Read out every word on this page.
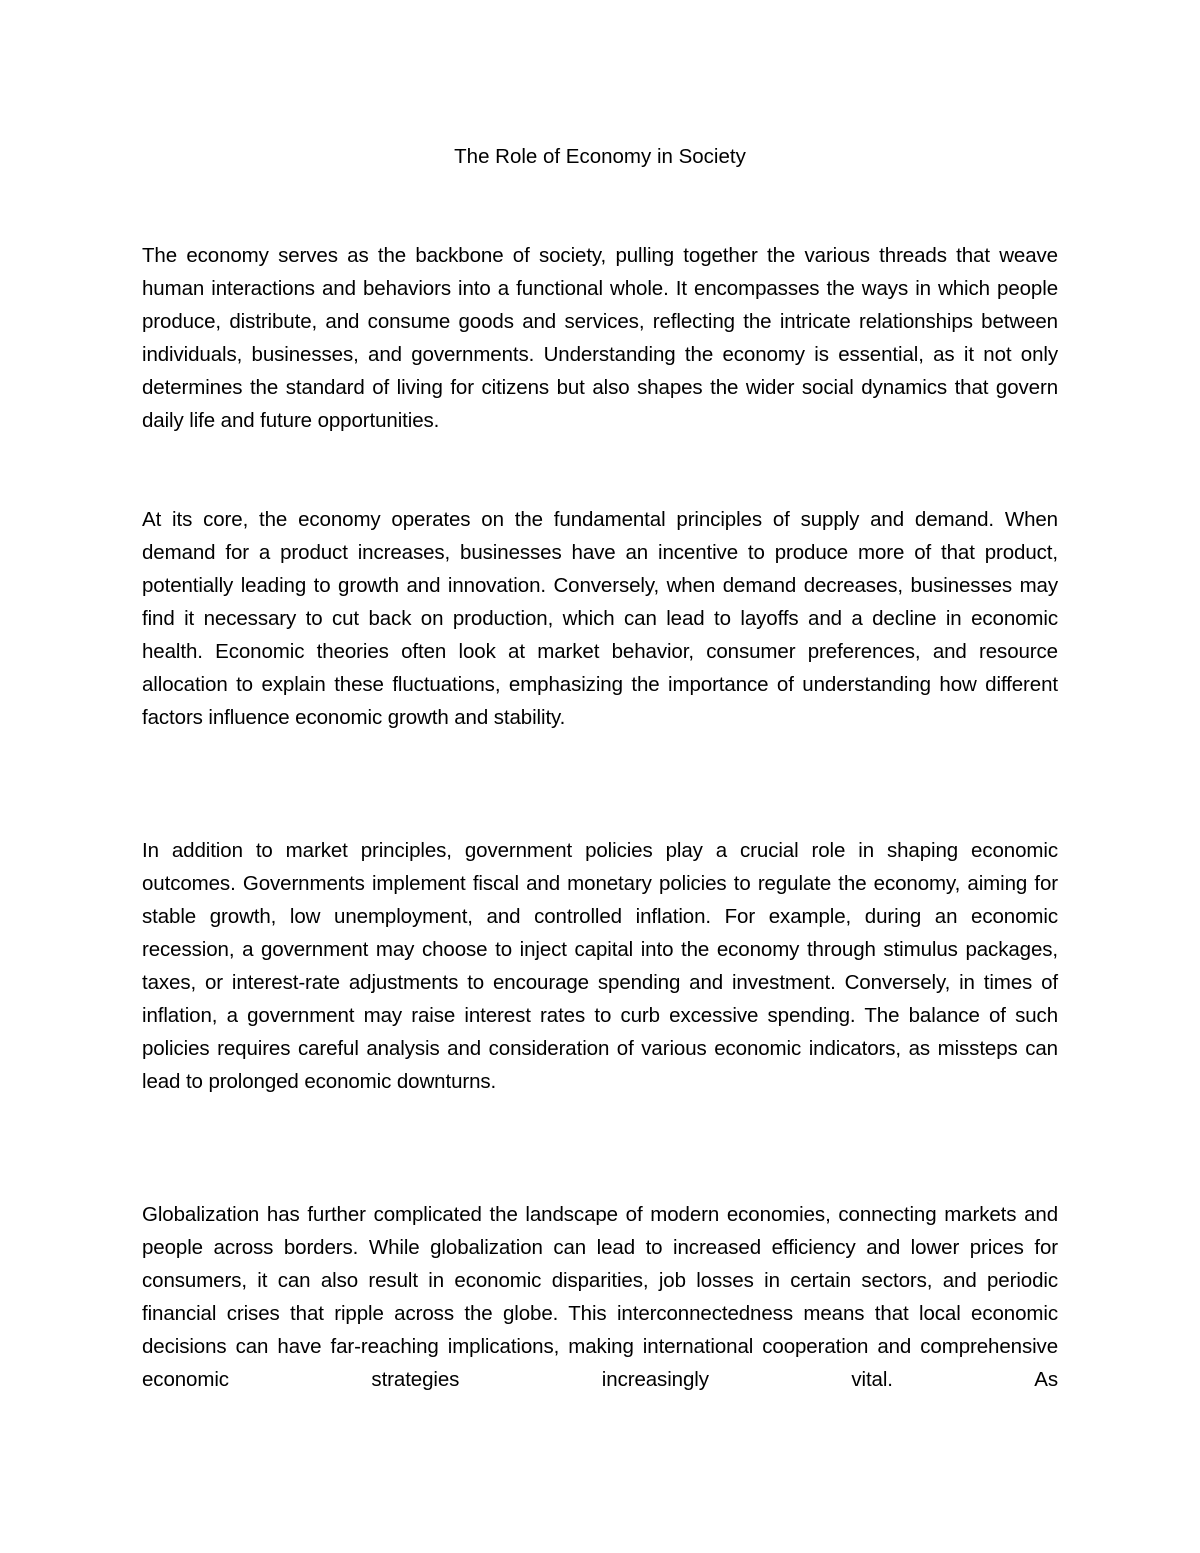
The Role of Economy in Society

The economy serves as the backbone of society, pulling together the various threads that weave human interactions and behaviors into a functional whole. It encompasses the ways in which people produce, distribute, and consume goods and services, reflecting the intricate relationships between individuals, businesses, and governments. Understanding the economy is essential, as it not only determines the standard of living for citizens but also shapes the wider social dynamics that govern daily life and future opportunities.

At its core, the economy operates on the fundamental principles of supply and demand. When demand for a product increases, businesses have an incentive to produce more of that product, potentially leading to growth and innovation. Conversely, when demand decreases, businesses may find it necessary to cut back on production, which can lead to layoffs and a decline in economic health. Economic theories often look at market behavior, consumer preferences, and resource allocation to explain these fluctuations, emphasizing the importance of understanding how different factors influence economic growth and stability.

In addition to market principles, government policies play a crucial role in shaping economic outcomes. Governments implement fiscal and monetary policies to regulate the economy, aiming for stable growth, low unemployment, and controlled inflation. For example, during an economic recession, a government may choose to inject capital into the economy through stimulus packages, taxes, or interest-rate adjustments to encourage spending and investment. Conversely, in times of inflation, a government may raise interest rates to curb excessive spending. The balance of such policies requires careful analysis and consideration of various economic indicators, as missteps can lead to prolonged economic downturns.

Globalization has further complicated the landscape of modern economies, connecting markets and people across borders. While globalization can lead to increased efficiency and lower prices for consumers, it can also result in economic disparities, job losses in certain sectors, and periodic financial crises that ripple across the globe. This interconnectedness means that local economic decisions can have far-reaching implications, making international cooperation and comprehensive economic strategies increasingly vital. As
